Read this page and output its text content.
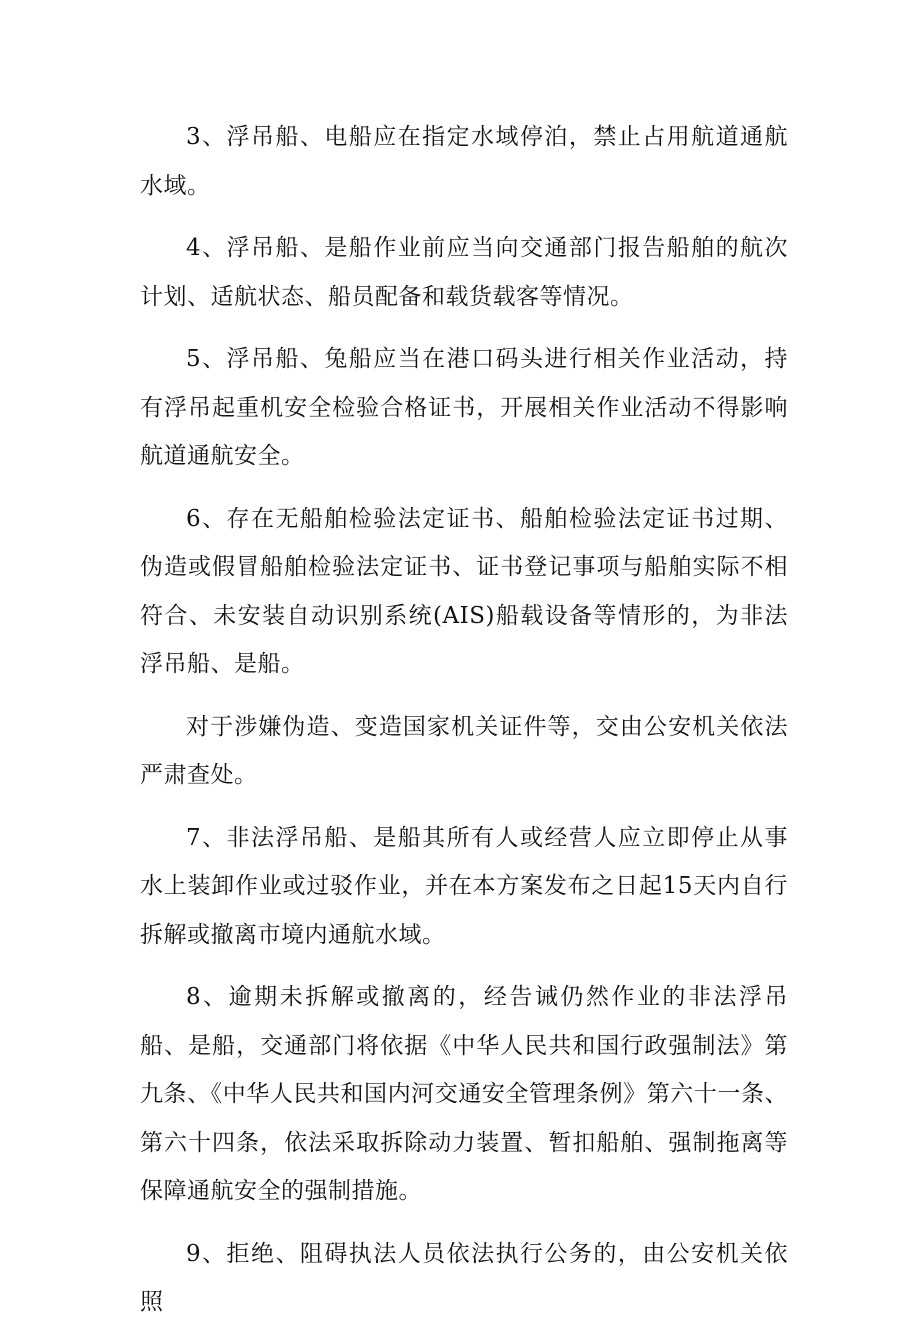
3、浮吊船、电船应在指定水域停泊，禁止占用航道通航水域。

4、浮吊船、是船作业前应当向交通部门报告船舶的航次计划、适航状态、船员配备和载货载客等情况。

5、浮吊船、兔船应当在港口码头进行相关作业活动，持有浮吊起重机安全检验合格证书，开展相关作业活动不得影响航道通航安全。

6、存在无船舶检验法定证书、船舶检验法定证书过期、伪造或假冒船舶检验法定证书、证书登记事项与船舶实际不相符合、未安装自动识别系统(AIS)船载设备等情形的，为非法浮吊船、是船。

对于涉嫌伪造、变造国家机关证件等，交由公安机关依法严肃查处。

7、非法浮吊船、是船其所有人或经营人应立即停止从事水上装卸作业或过驳作业，并在本方案发布之日起15天内自行拆解或撤离市境内通航水域。

8、逾期未拆解或撤离的，经告诫仍然作业的非法浮吊船、是船，交通部门将依据《中华人民共和国行政强制法》第九条、《中华人民共和国内河交通安全管理条例》第六十一条、第六十四条，依法采取拆除动力装置、暂扣船舶、强制拖离等保障通航安全的强制措施。

9、拒绝、阻碍执法人员依法执行公务的，由公安机关依照
